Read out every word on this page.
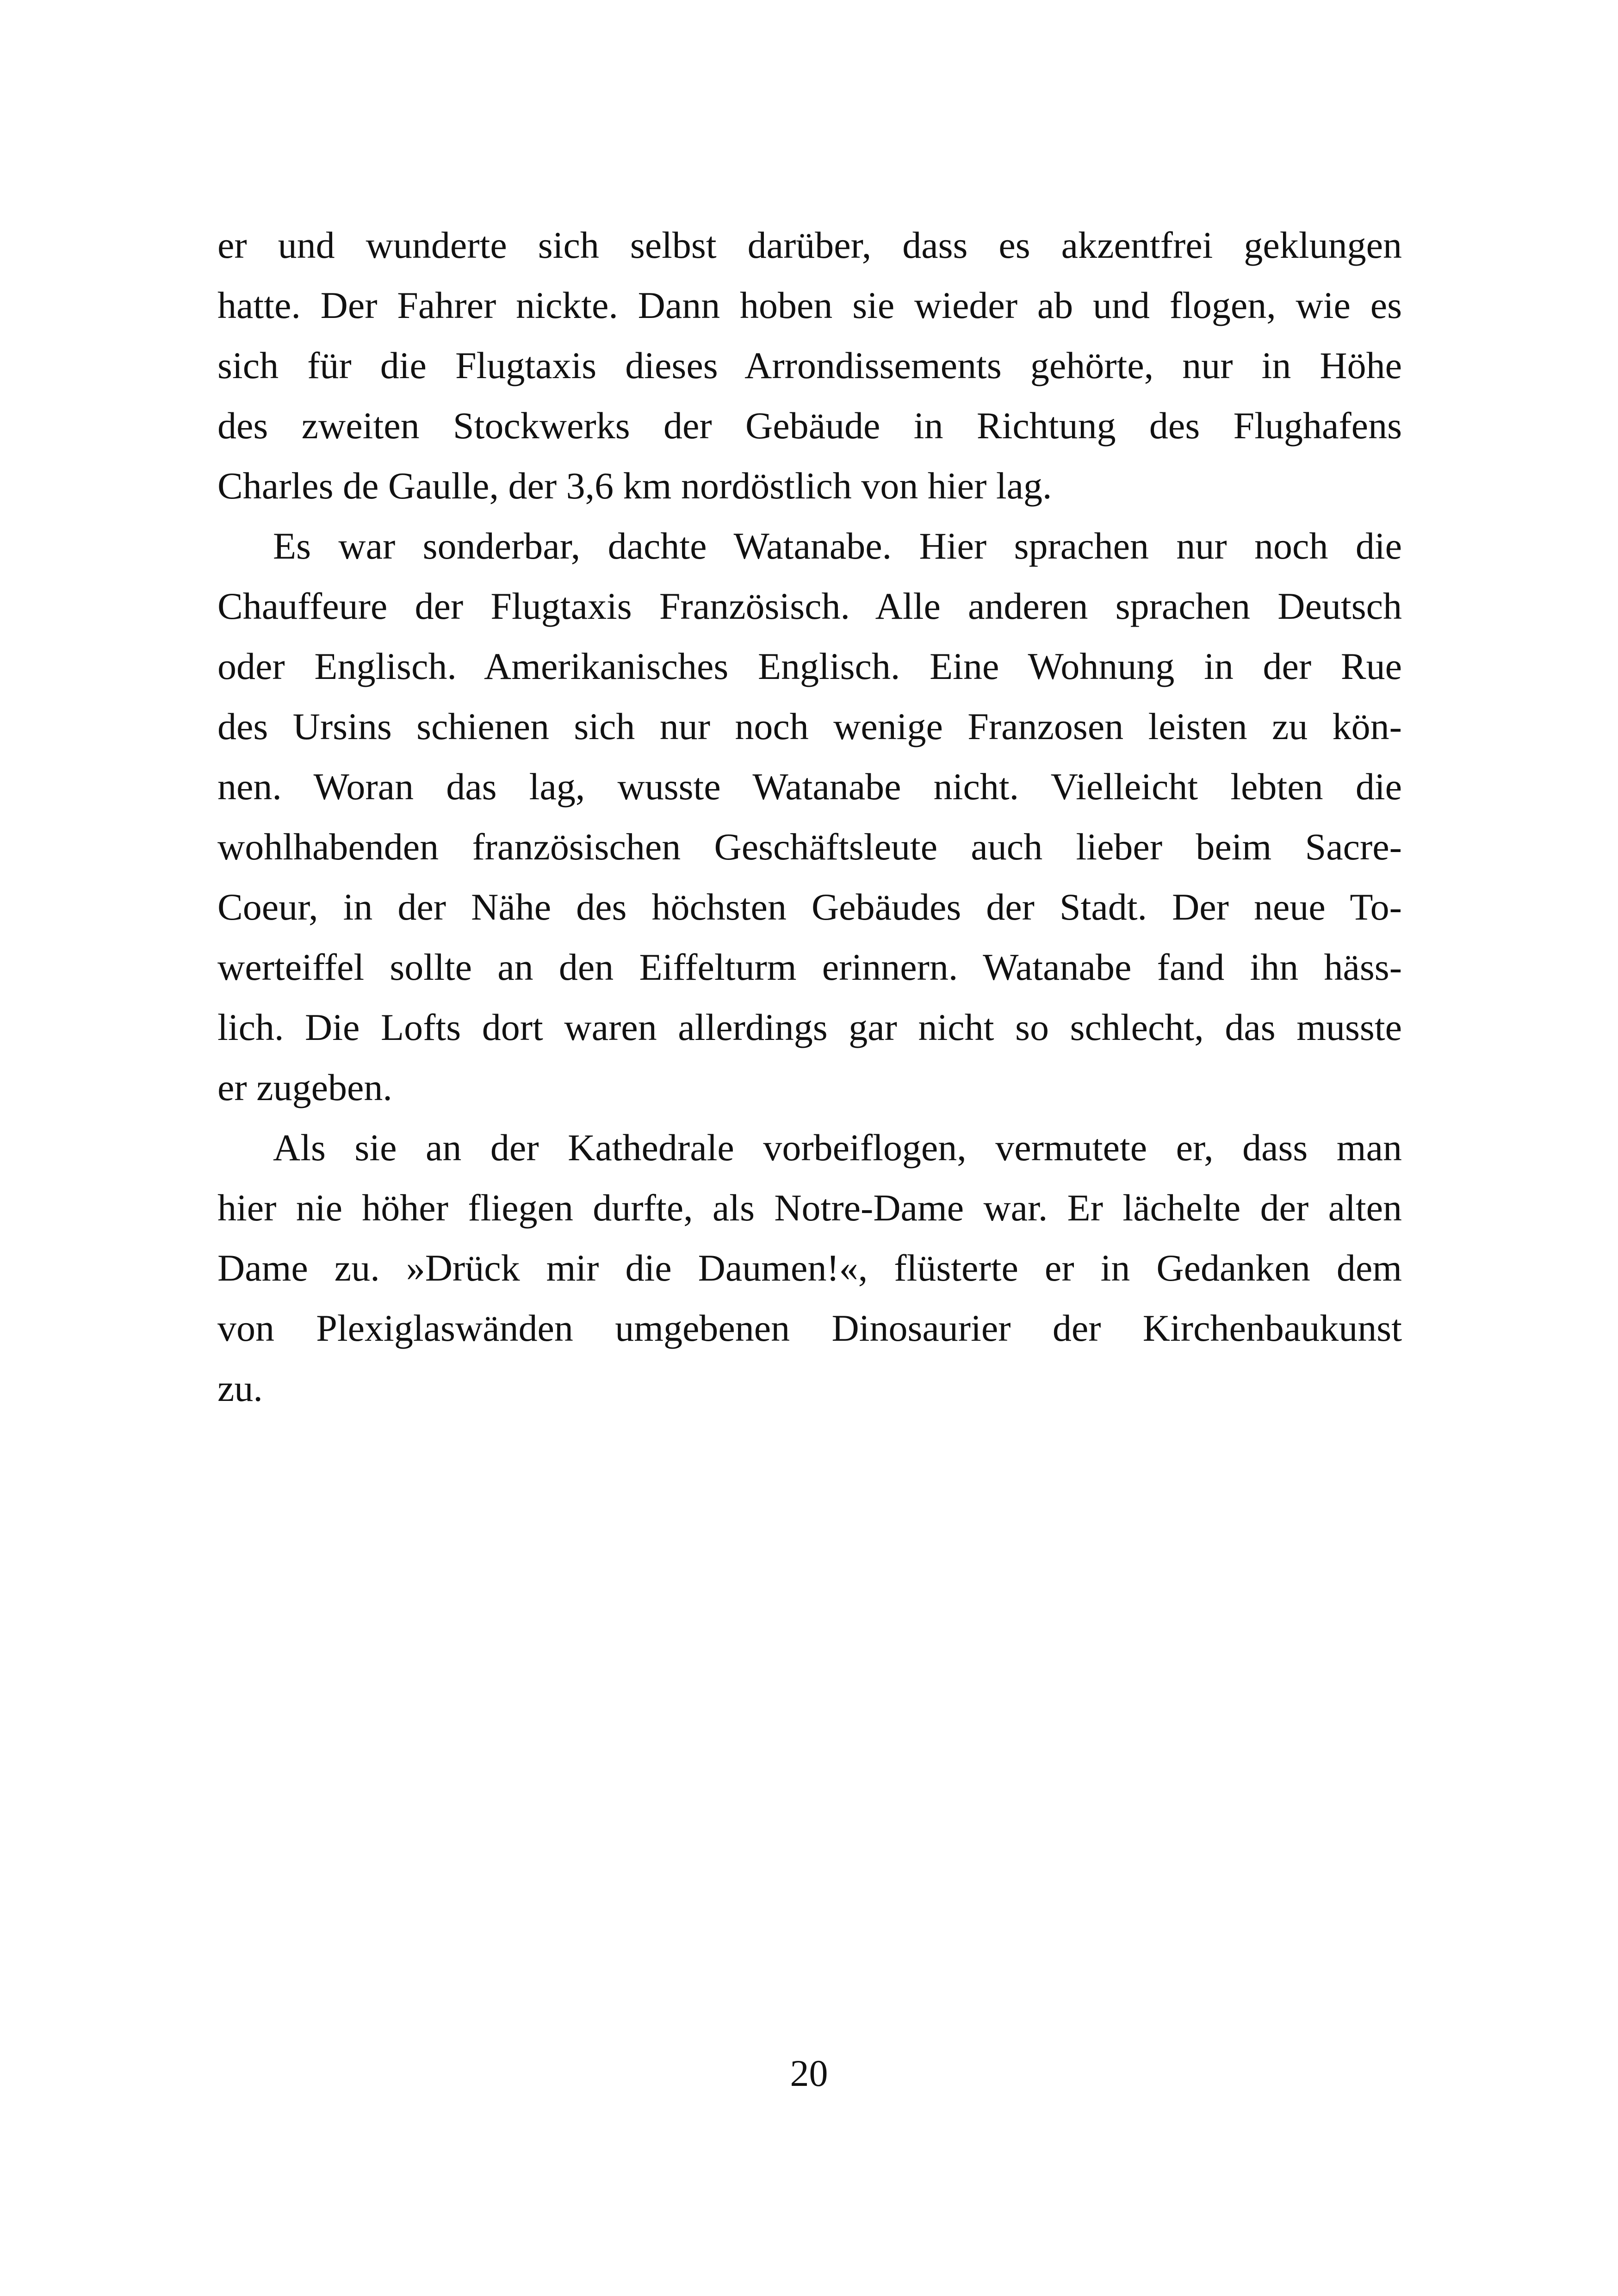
er und wunderte sich selbst darüber, dass es akzentfrei geklungen
hatte. Der Fahrer nickte. Dann hoben sie wieder ab und flogen, wie es
sich für die Flugtaxis dieses Arrondissements gehörte, nur in Höhe
des zweiten Stockwerks der Gebäude in Richtung des Flughafens
Charles de Gaulle, der 3,6 km nordöstlich von hier lag.
Es war sonderbar, dachte Watanabe. Hier sprachen nur noch die
Chauffeure der Flugtaxis Französisch. Alle anderen sprachen Deutsch
oder Englisch. Amerikanisches Englisch. Eine Wohnung in der Rue
des Ursins schienen sich nur noch wenige Franzosen leisten zu kön-
nen. Woran das lag, wusste Watanabe nicht. Vielleicht lebten die
wohlhabenden französischen Geschäftsleute auch lieber beim Sacre-
Coeur, in der Nähe des höchsten Gebäudes der Stadt. Der neue To-
werteiffel sollte an den Eiffelturm erinnern. Watanabe fand ihn häss-
lich. Die Lofts dort waren allerdings gar nicht so schlecht, das musste
er zugeben.
Als sie an der Kathedrale vorbeiflogen, vermutete er, dass man
hier nie höher fliegen durfte, als Notre-Dame war. Er lächelte der alten
Dame zu. »Drück mir die Daumen!«, flüsterte er in Gedanken dem
von Plexiglaswänden umgebenen Dinosaurier der Kirchenbaukunst
zu.
20
